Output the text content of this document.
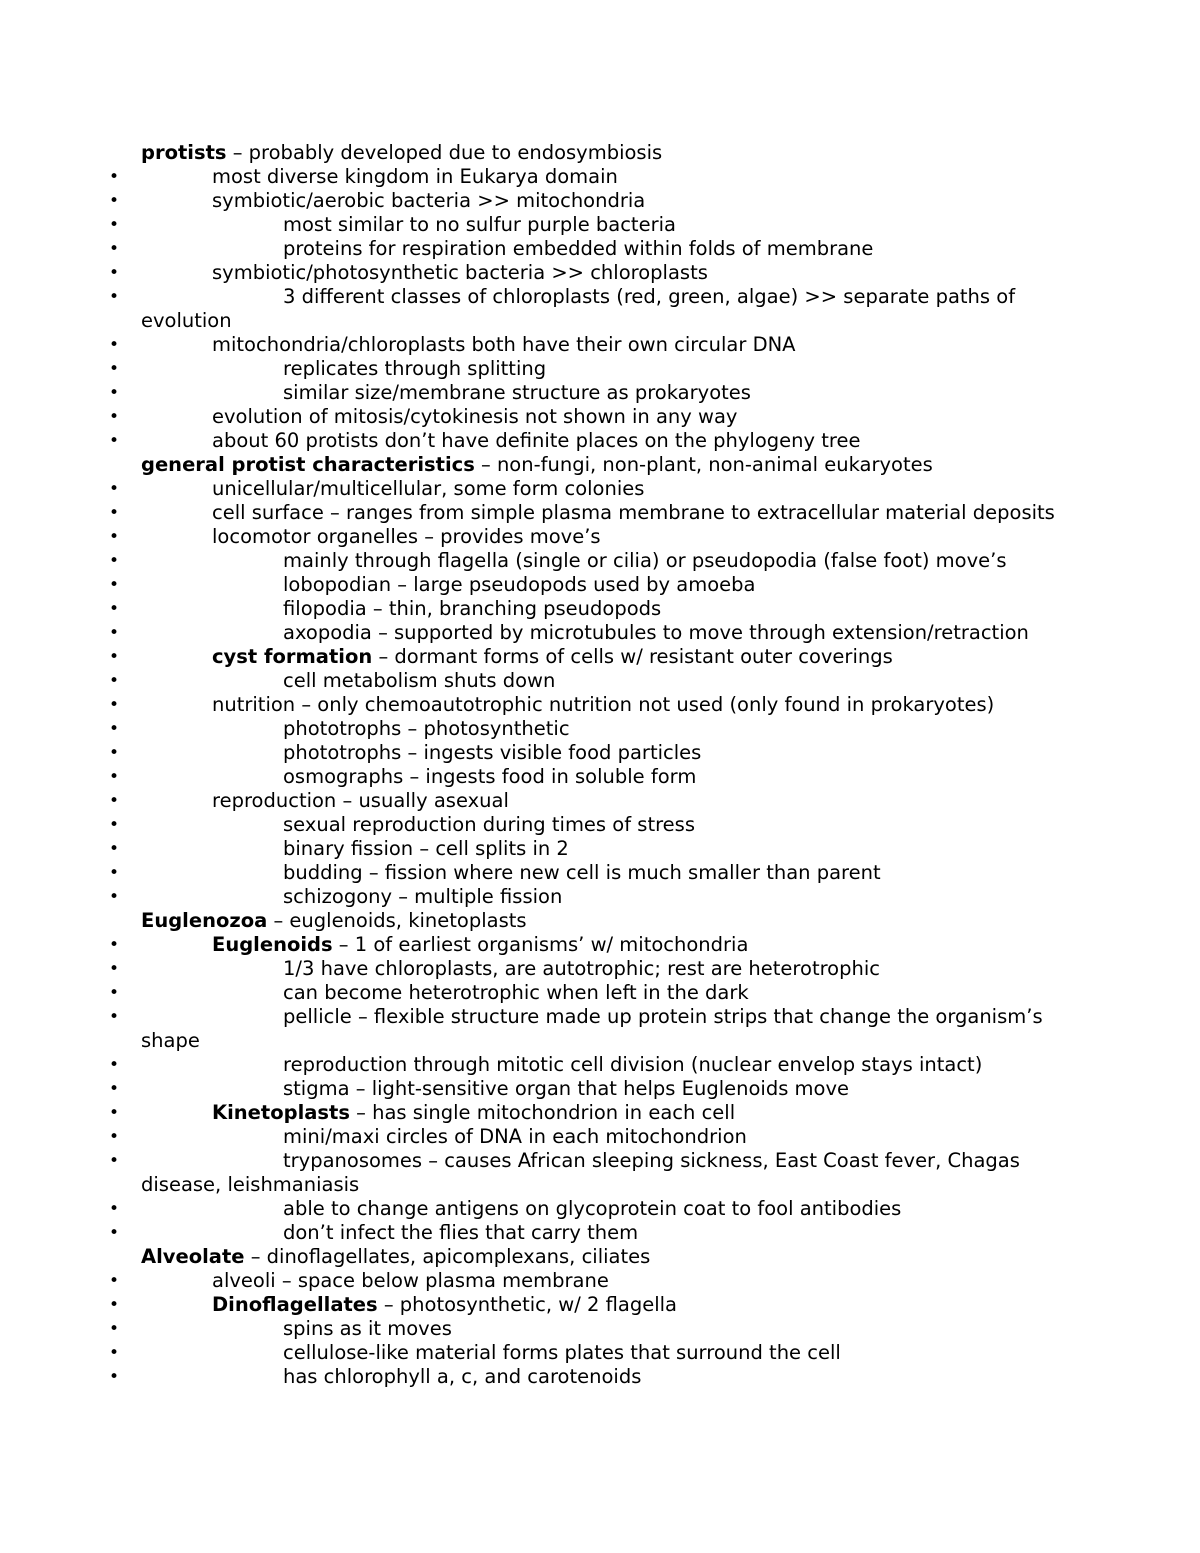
protists – probably developed due to endosymbiosis
•	most diverse kingdom in Eukarya domain
•	symbiotic/aerobic bacteria >> mitochondria
•	most similar to no sulfur purple bacteria
•	proteins for respiration embedded within folds of membrane
•	symbiotic/photosynthetic bacteria >> chloroplasts
•	3 different classes of chloroplasts (red, green, algae) >> separate paths of
evolution
•	mitochondria/chloroplasts both have their own circular DNA
•	replicates through splitting
•	similar size/membrane structure as prokaryotes
•	evolution of mitosis/cytokinesis not shown in any way
•	about 60 protists don’t have definite places on the phylogeny tree
general protist characteristics – non-fungi, non-plant, non-animal eukaryotes
•	unicellular/multicellular, some form colonies
•	cell surface – ranges from simple plasma membrane to extracellular material deposits
•	locomotor organelles – provides move’s
•	mainly through flagella (single or cilia) or pseudopodia (false foot) move’s
•	lobopodian – large pseudopods used by amoeba
•	filopodia – thin, branching pseudopods
•	axopodia – supported by microtubules to move through extension/retraction
•	cyst formation – dormant forms of cells w/ resistant outer coverings
•	cell metabolism shuts down
•	nutrition – only chemoautotrophic nutrition not used (only found in prokaryotes)
•	phototrophs – photosynthetic
•	phototrophs – ingests visible food particles
•	osmographs – ingests food in soluble form
•	reproduction – usually asexual
•	sexual reproduction during times of stress
•	binary fission – cell splits in 2
•	budding – fission where new cell is much smaller than parent
•	schizogony – multiple fission
Euglenozoa – euglenoids, kinetoplasts
•	Euglenoids – 1 of earliest organisms’ w/ mitochondria
•	1/3 have chloroplasts, are autotrophic; rest are heterotrophic
•	can become heterotrophic when left in the dark
•	pellicle – flexible structure made up protein strips that change the organism’s
shape
•	reproduction through mitotic cell division (nuclear envelop stays intact)
•	stigma – light-sensitive organ that helps Euglenoids move
•	Kinetoplasts – has single mitochondrion in each cell
•	mini/maxi circles of DNA in each mitochondrion
•	trypanosomes – causes African sleeping sickness, East Coast fever, Chagas
disease, leishmaniasis
•	able to change antigens on glycoprotein coat to fool antibodies
•	don’t infect the flies that carry them
Alveolate – dinoflagellates, apicomplexans, ciliates
•	alveoli – space below plasma membrane
•	Dinoflagellates – photosynthetic, w/ 2 flagella
•	spins as it moves
•	cellulose-like material forms plates that surround the cell
•	has chlorophyll a, c, and carotenoids
